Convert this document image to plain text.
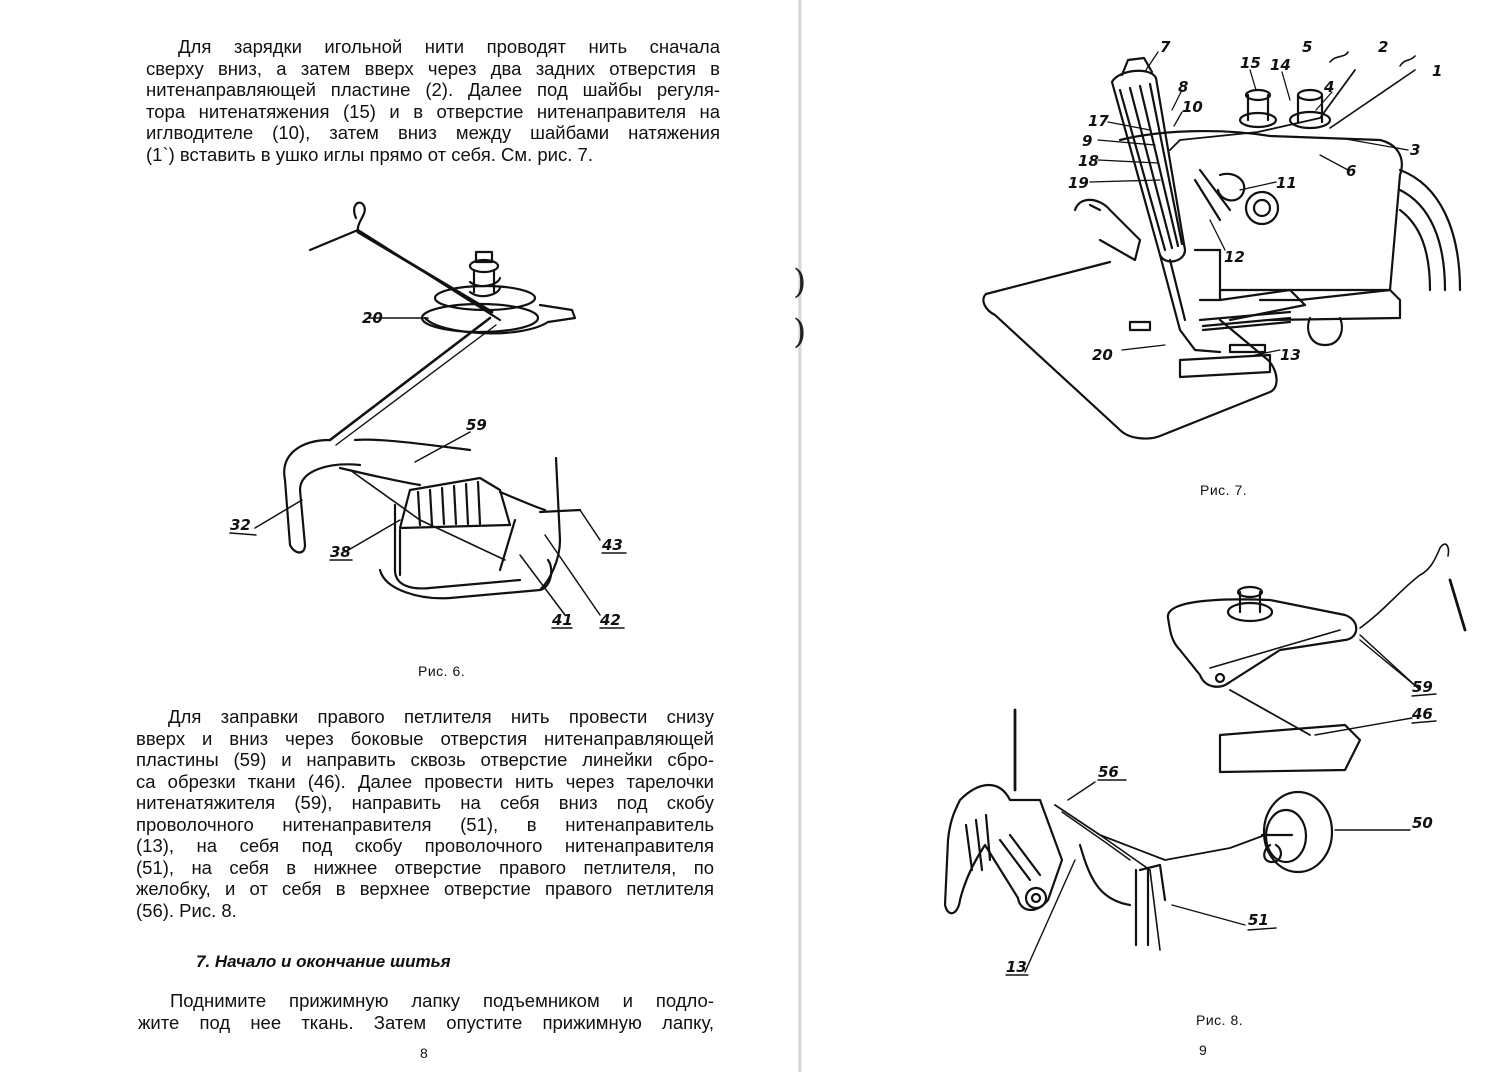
Для зарядки игольной нити проводят нить сначала
сверху вниз, а затем вверх через два задних отверстия в
нитенаправляющей пластине (2). Далее под шайбы регуля-
тора нитенатяжения (15) и в отверстие нитенаправителя на
иглводителе (10), затем вниз между шайбами натяжения
(1`) вставить в ушко иглы прямо от себя. См. рис. 7.
20
59
32
38	43
41 42
Рис. 6.
Для заправки правого петлителя нить провести снизу
вверх и вниз через боковые отверстия нитенаправляющей
пластины (59) и направить сквозь отверстие линейки сбро-
са обрезки ткани (46). Далее провести нить через тарелочки
нитенатяжителя (59), направить на себя вниз под скобу
проволочного нитенаправителя (51), в нитенаправитель
(13), на себя под скобу проволочного нитенаправителя
(51), на себя в нижнее отверстие правого петлителя, по
желобку, и от себя в верхнее отверстие правого петлителя
(56). Рис. 8.
7. Начало и окончание шитья
Поднимите прижимную лапку подъемником и подло-
жите под нее ткань. Затем опустите прижимную лапку,
8
)
)
7
8
10
17
9
18
19
15 14
5	2
1
4
3
6
11
12
20	13
Рис. 7.
59
46
56
50
51
13
Рис. 8.
9
